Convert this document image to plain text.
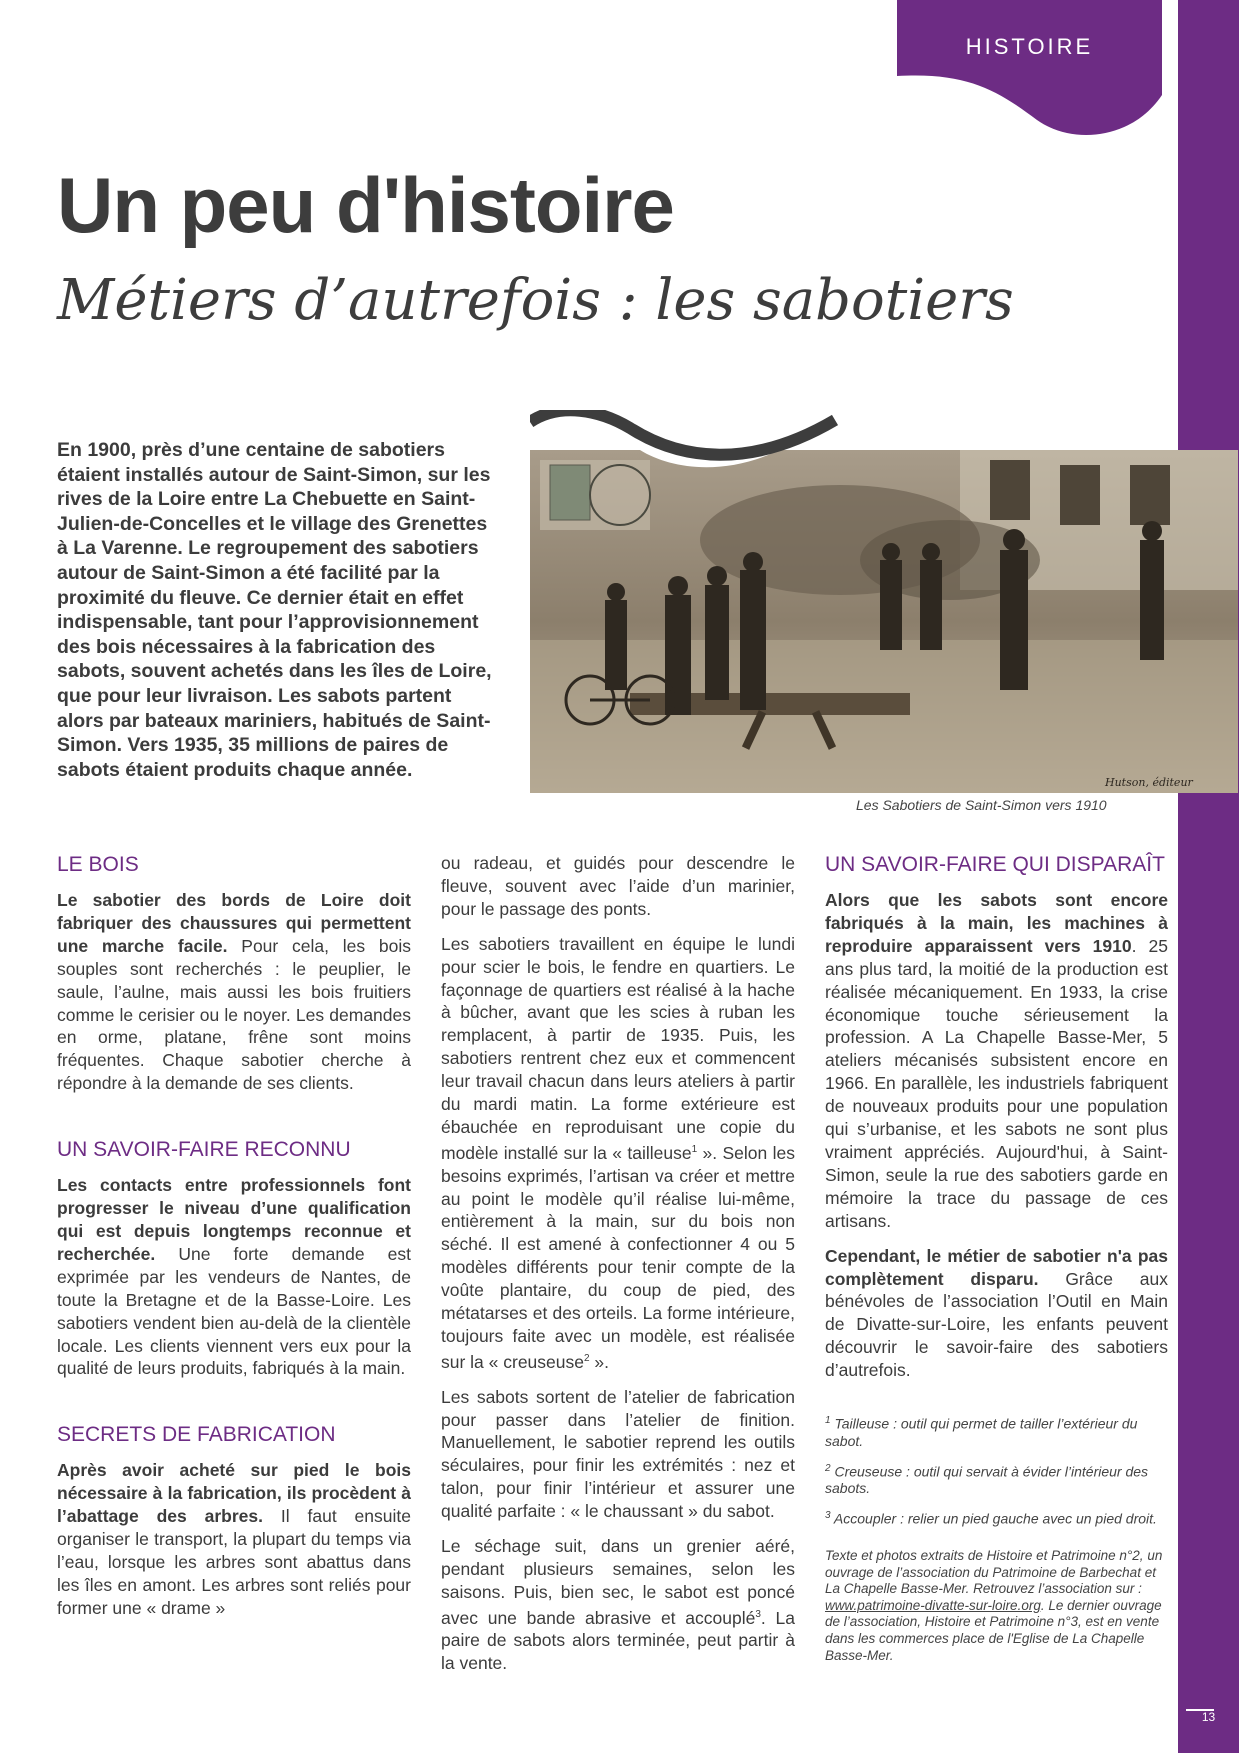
13
HISTOIRE
Un peu d'histoire
Métiers d’autrefois : les sabotiers
En 1900, près d’une centaine de sabotiers étaient installés autour de Saint-Simon, sur les rives de la Loire entre La Chebuette en Saint-Julien-de-Concelles et le village des Grenettes à La Varenne. Le regroupement des sabotiers autour de Saint-Simon a été facilité par la proximité du fleuve. Ce dernier était en effet indispensable, tant pour l’approvisionnement des bois nécessaires à la fabrication des sabots, souvent achetés dans les îles de Loire, que pour leur livraison. Les sabots partent alors par bateaux mariniers, habitués de Saint-Simon. Vers 1935, 35 millions de paires de sabots étaient produits chaque année.
Hutson, éditeur
Les Sabotiers de Saint-Simon vers 1910
LE BOIS

Le sabotier des bords de Loire doit fabriquer des chaussures qui permettent une marche facile. Pour cela, les bois souples sont recherchés : le peuplier, le saule, l’aulne, mais aussi les bois fruitiers comme le cerisier ou le noyer. Les demandes en orme, platane, frêne sont moins fréquentes. Chaque sabotier cherche à répondre à la demande de ses clients.

UN SAVOIR-FAIRE RECONNU

Les contacts entre professionnels font progresser le niveau d’une qualification qui est depuis longtemps reconnue et recherchée. Une forte demande est exprimée par les vendeurs de Nantes, de toute la Bretagne et de la Basse-Loire. Les sabotiers vendent bien au-delà de la clientèle locale. Les clients viennent vers eux pour la qualité de leurs produits, fabriqués à la main.

SECRETS DE FABRICATION

Après avoir acheté sur pied le bois nécessaire à la fabrication, ils procèdent à l’abattage des arbres. Il faut ensuite organiser le transport, la plupart du temps via l’eau, lorsque les arbres sont abattus dans les îles en amont. Les arbres sont reliés pour former une « drame »

ou radeau, et guidés pour descendre le fleuve, souvent avec l’aide d’un marinier, pour le passage des ponts.

Les sabotiers travaillent en équipe le lundi pour scier le bois, le fendre en quartiers. Le façonnage de quartiers est réalisé à la hache à bûcher, avant que les scies à ruban les remplacent, à partir de 1935. Puis, les sabotiers rentrent chez eux et commencent leur travail chacun dans leurs ateliers à partir du mardi matin. La forme extérieure est ébauchée en reproduisant une copie du modèle installé sur la « tailleuse$^1$ ». Selon les besoins exprimés, l’artisan va créer et mettre au point le modèle qu’il réalise lui-même, entièrement à la main, sur du bois non séché. Il est amené à confectionner 4 ou 5 modèles différents pour tenir compte de la voûte plantaire, du coup de pied, des métatarses et des orteils. La forme intérieure, toujours faite avec un modèle, est réalisée sur la « creuseuse$^2$ ».

Les sabots sortent de l’atelier de fabrication pour passer dans l’atelier de finition. Manuellement, le sabotier reprend les outils séculaires, pour finir les extrémités : nez et talon, pour finir l’intérieur et assurer une qualité parfaite : « le chaussant » du sabot.

Le séchage suit, dans un grenier aéré, pendant plusieurs semaines, selon les saisons. Puis, bien sec, le sabot est poncé avec une bande abrasive et accouplé$^3$. La paire de sabots alors terminée, peut partir à la vente.

UN SAVOIR-FAIRE QUI DISPARAÎT

Alors que les sabots sont encore fabriqués à la main, les machines à reproduire apparaissent vers 1910. 25 ans plus tard, la moitié de la production est réalisée mécaniquement. En 1933, la crise économique touche sérieusement la profession. A La Chapelle Basse-Mer, 5 ateliers mécanisés subsistent encore en 1966. En parallèle, les industriels fabriquent de nouveaux produits pour une population qui s’urbanise, et les sabots ne sont plus vraiment appréciés. Aujourd'hui, à Saint-Simon, seule la rue des sabotiers garde en mémoire la trace du passage de ces artisans.

Cependant, le métier de sabotier n'a pas complètement disparu. Grâce aux bénévoles de l’association l’Outil en Main de Divatte-sur-Loire, les enfants peuvent découvrir le savoir-faire des sabotiers d’autrefois.

$^1$ Tailleuse : outil qui permet de tailler l’extérieur du sabot.

$^2$ Creuseuse : outil qui servait à évider l’intérieur des sabots.

$^3$ Accoupler : relier un pied gauche avec un pied droit.

Texte et photos extraits de Histoire et Patrimoine n°2, un ouvrage de l’association du Patrimoine de Barbechat et La Chapelle Basse-Mer. Retrouvez l’association sur : www.patrimoine-divatte-sur-loire.org. Le dernier ouvrage de l’association, Histoire et Patrimoine n°3, est en vente dans les commerces place de l'Eglise de La Chapelle Basse-Mer.
